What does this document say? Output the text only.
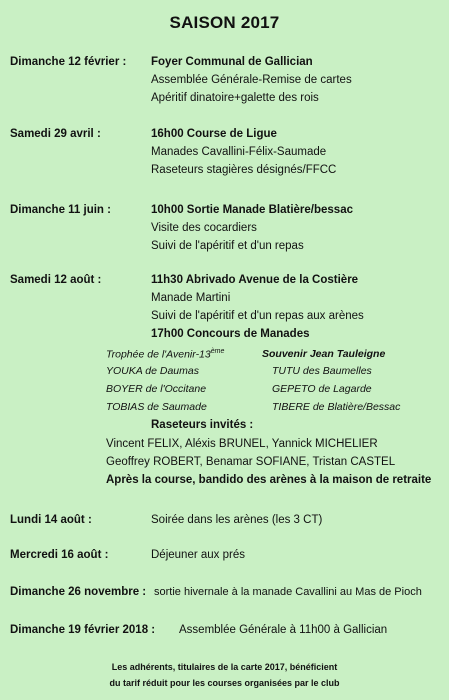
SAISON 2017
Dimanche 12 février : Foyer Communal de Gallician
Assemblée Générale-Remise de cartes
Apéritif dinatoire+galette des rois
Samedi 29 avril :	16h00 Course de Ligue
Manades Cavallini-Félix-Saumade
Raseteurs stagières désignés/FFCC
Dimanche 11 juin :	10h00 Sortie Manade Blatière/bessac
Visite des cocardiers
Suivi de l'apéritif et d'un repas
Samedi 12 août :	11h30 Abrivado Avenue de la Costière
Manade Martini
Suivi de l'apéritif et d'un repas aux arènes
17h00 Concours de Manades
Trophée de l'Avenir-13ème	Souvenir Jean Tauleigne
YOUKA de Daumas	TUTU des Baumelles
BOYER de l'Occitane	GEPETO de Lagarde
TOBIAS de Saumade	TIBERE de Blatière/Bessac
Raseteurs invités :
Vincent FELIX, Aléxis BRUNEL, Yannick MICHELIER
Geoffrey ROBERT, Benamar SOFIANE, Tristan CASTEL
Après la course, bandido des arènes à la maison de retraite
Lundi 14 août :	Soirée dans les arènes (les 3 CT)
Mercredi 16 août :	Déjeuner aux prés
Dimanche 26 novembre : sortie hivernale à la manade Cavallini au Mas de Pioch
Dimanche 19 février 2018 : Assemblée Générale à 11h00 à Gallician
Les adhérents, titulaires de la carte 2017, bénéficient
du tarif réduit pour les courses organisées par le club
